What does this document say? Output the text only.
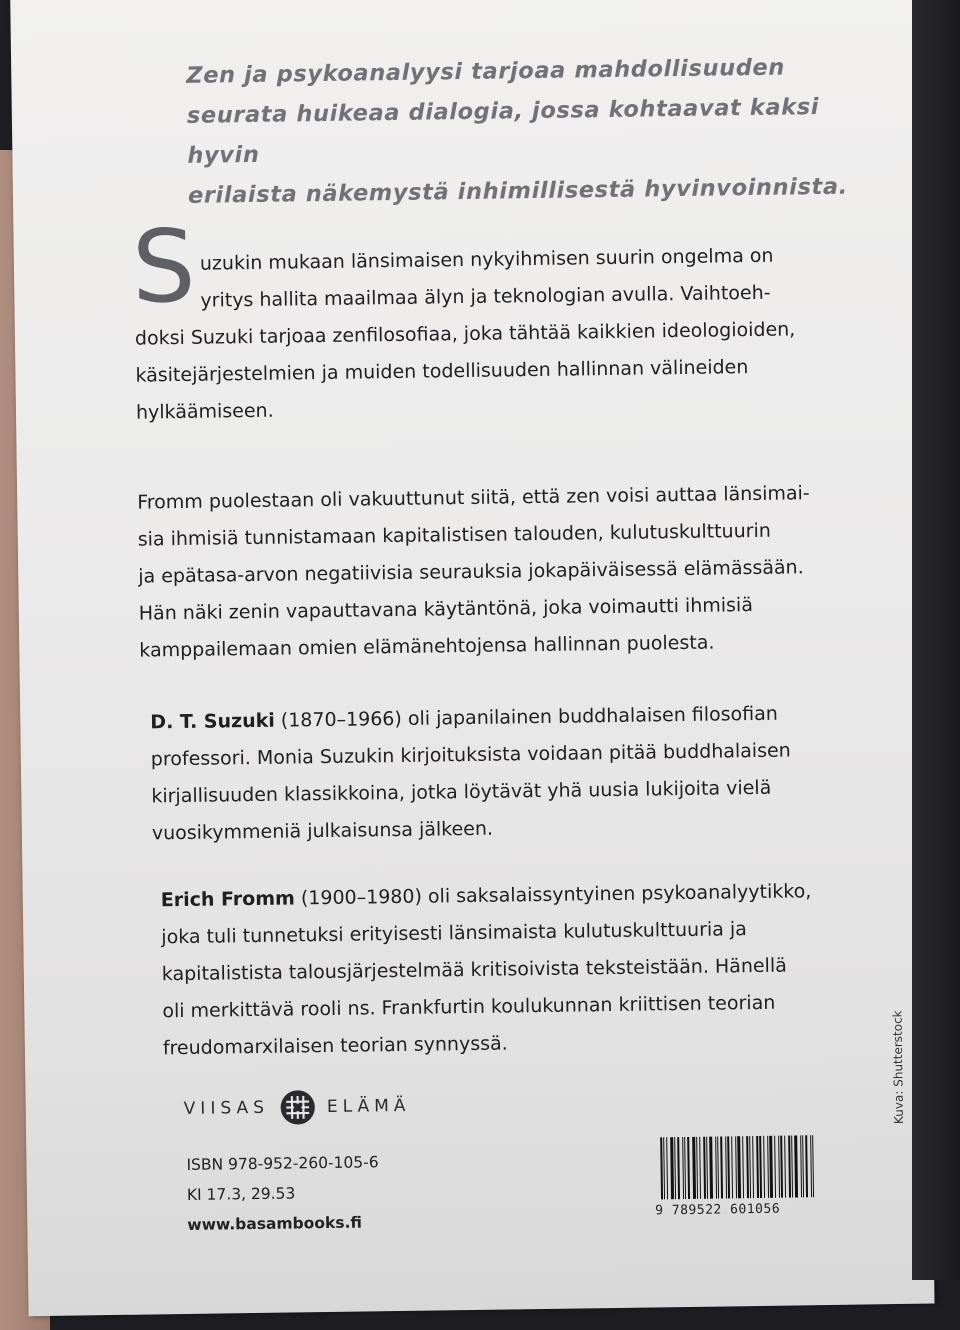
Zen ja psykoanalyysi tarjoaa mahdollisuuden
seurata huikeaa dialogia, jossa kohtaavat kaksi hyvin
erilaista näkemystä inhimillisestä hyvinvoinnista.

S uzukin mukaan länsimaisen nykyihmisen suurin ongelma on
yritys hallita maailmaa älyn ja teknologian avulla. Vaihtoeh-
doksi Suzuki tarjoaa zenfilosofiaa, joka tähtää kaikkien ideologioiden,
käsitejärjestelmien ja muiden todellisuuden hallinnan välineiden
hylkäämiseen.

Fromm puolestaan oli vakuuttunut siitä, että zen voisi auttaa länsimai-
sia ihmisiä tunnistamaan kapitalistisen talouden, kulutuskulttuurin
ja epätasa-arvon negatiivisia seurauksia jokapäiväisessä elämässään.
Hän näki zenin vapauttavana käytäntönä, joka voimautti ihmisiä
kamppailemaan omien elämänehtojensa hallinnan puolesta.

D. T. Suzuki (1870–1966) oli japanilainen buddhalaisen filosofian
professori. Monia Suzukin kirjoituksista voidaan pitää buddhalaisen
kirjallisuuden klassikkoina, jotka löytävät yhä uusia lukijoita vielä
vuosikymmeniä julkaisunsa jälkeen.

Erich Fromm (1900–1980) oli saksalaissyntyinen psykoanalyytikko,
joka tuli tunnetuksi erityisesti länsimaista kulutuskulttuuria ja
kapitalistista talousjärjestelmää kritisoivista teksteistään. Hänellä
oli merkittävä rooli ns. Frankfurtin koulukunnan kriittisen teorian
freudomarxilaisen teorian synnyssä.

VIISAS	ELÄMÄ
ISBN 978-952-260-105-6
KI 17.3, 29.53
www.basambooks.fi
9 789522 601056
Kuva: Shutterstock
